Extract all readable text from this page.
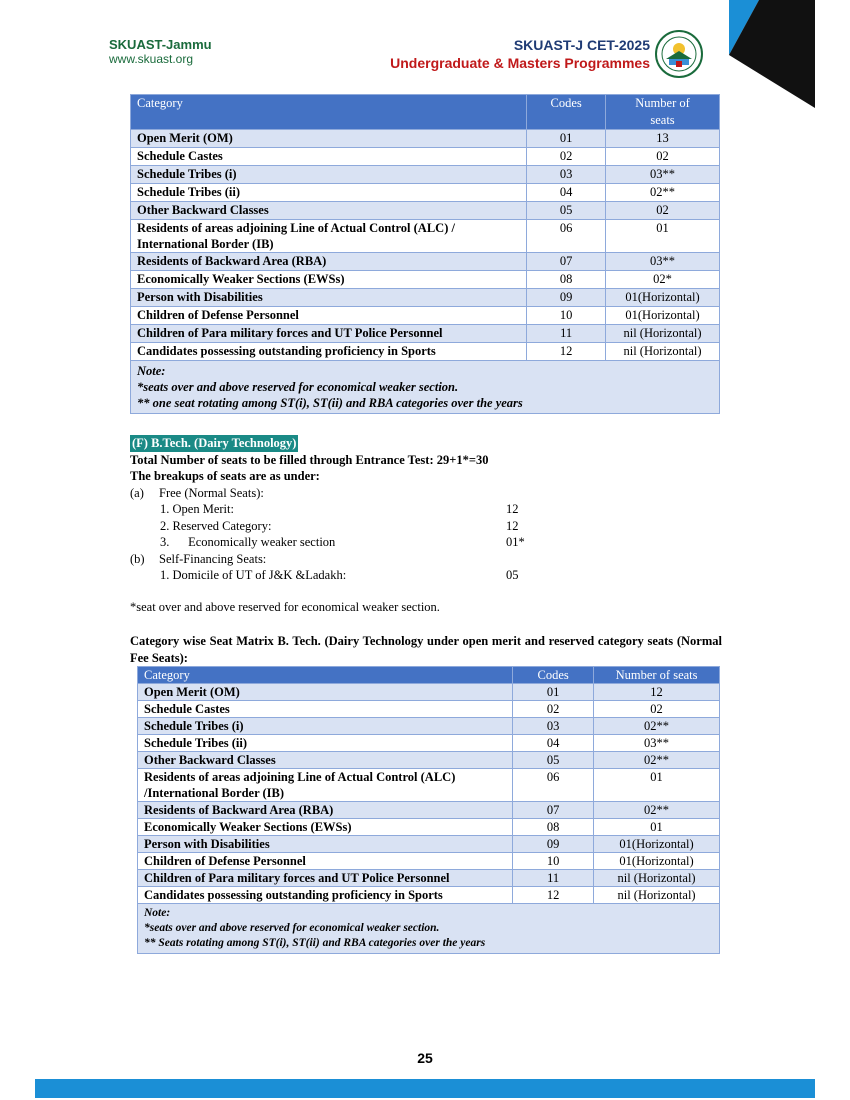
SKUAST-Jammu
www.skuast.org
SKUAST-J CET-2025
Undergraduate & Masters Programmes
Category	Codes	Number of
seats
Open Merit (OM)	01	13
Schedule Castes	02	02
Schedule Tribes (i)	03	03**
Schedule Tribes (ii)	04	02**
Other Backward Classes	05	02
Residents of areas adjoining Line of Actual Control (ALC) /
International Border (IB)	06	01
Residents of Backward Area (RBA)	07	03**
Economically Weaker Sections (EWSs)	08	02*
Person with Disabilities	09	01(Horizontal)
Children of Defense Personnel	10	01(Horizontal)
Children of Para military forces and UT Police Personnel	11	nil (Horizontal)
Candidates possessing outstanding proficiency in Sports	12	nil (Horizontal)
Note:
*seats over and above reserved for economical weaker section.
** one seat rotating among ST(i), ST(ii) and RBA categories over the years		
(F) B.Tech. (Dairy Technology)
Total Number of seats to be filled through Entrance Test: 29+1*=30
The breakups of seats are as under:
(a) Free (Normal Seats):
1. Open Merit:	12
2. Reserved Category:	12
3.      Economically weaker section	01*
(b) Self-Financing Seats:
1. Domicile of UT of J&K &Ladakh:	05
*seat over and above reserved for economical weaker section.
Category wise Seat Matrix B. Tech. (Dairy Technology under open merit and reserved category seats (Normal Fee Seats):
Category	Codes	Number of seats
Open Merit (OM)	01	12
Schedule Castes	02	02
Schedule Tribes (i)	03	02**
Schedule Tribes (ii)	04	03**
Other Backward Classes	05	02**
Residents of areas adjoining Line of Actual Control (ALC)
/International Border (IB)	06	01
Residents of Backward Area (RBA)	07	02**
Economically Weaker Sections (EWSs)	08	01
Person with Disabilities	09	01(Horizontal)
Children of Defense Personnel	10	01(Horizontal)
Children of Para military forces and UT Police Personnel	11	nil (Horizontal)
Candidates possessing outstanding proficiency in Sports	12	nil (Horizontal)
Note:
*seats over and above reserved for economical weaker section.
** Seats rotating among ST(i), ST(ii) and RBA categories over the years		
25
